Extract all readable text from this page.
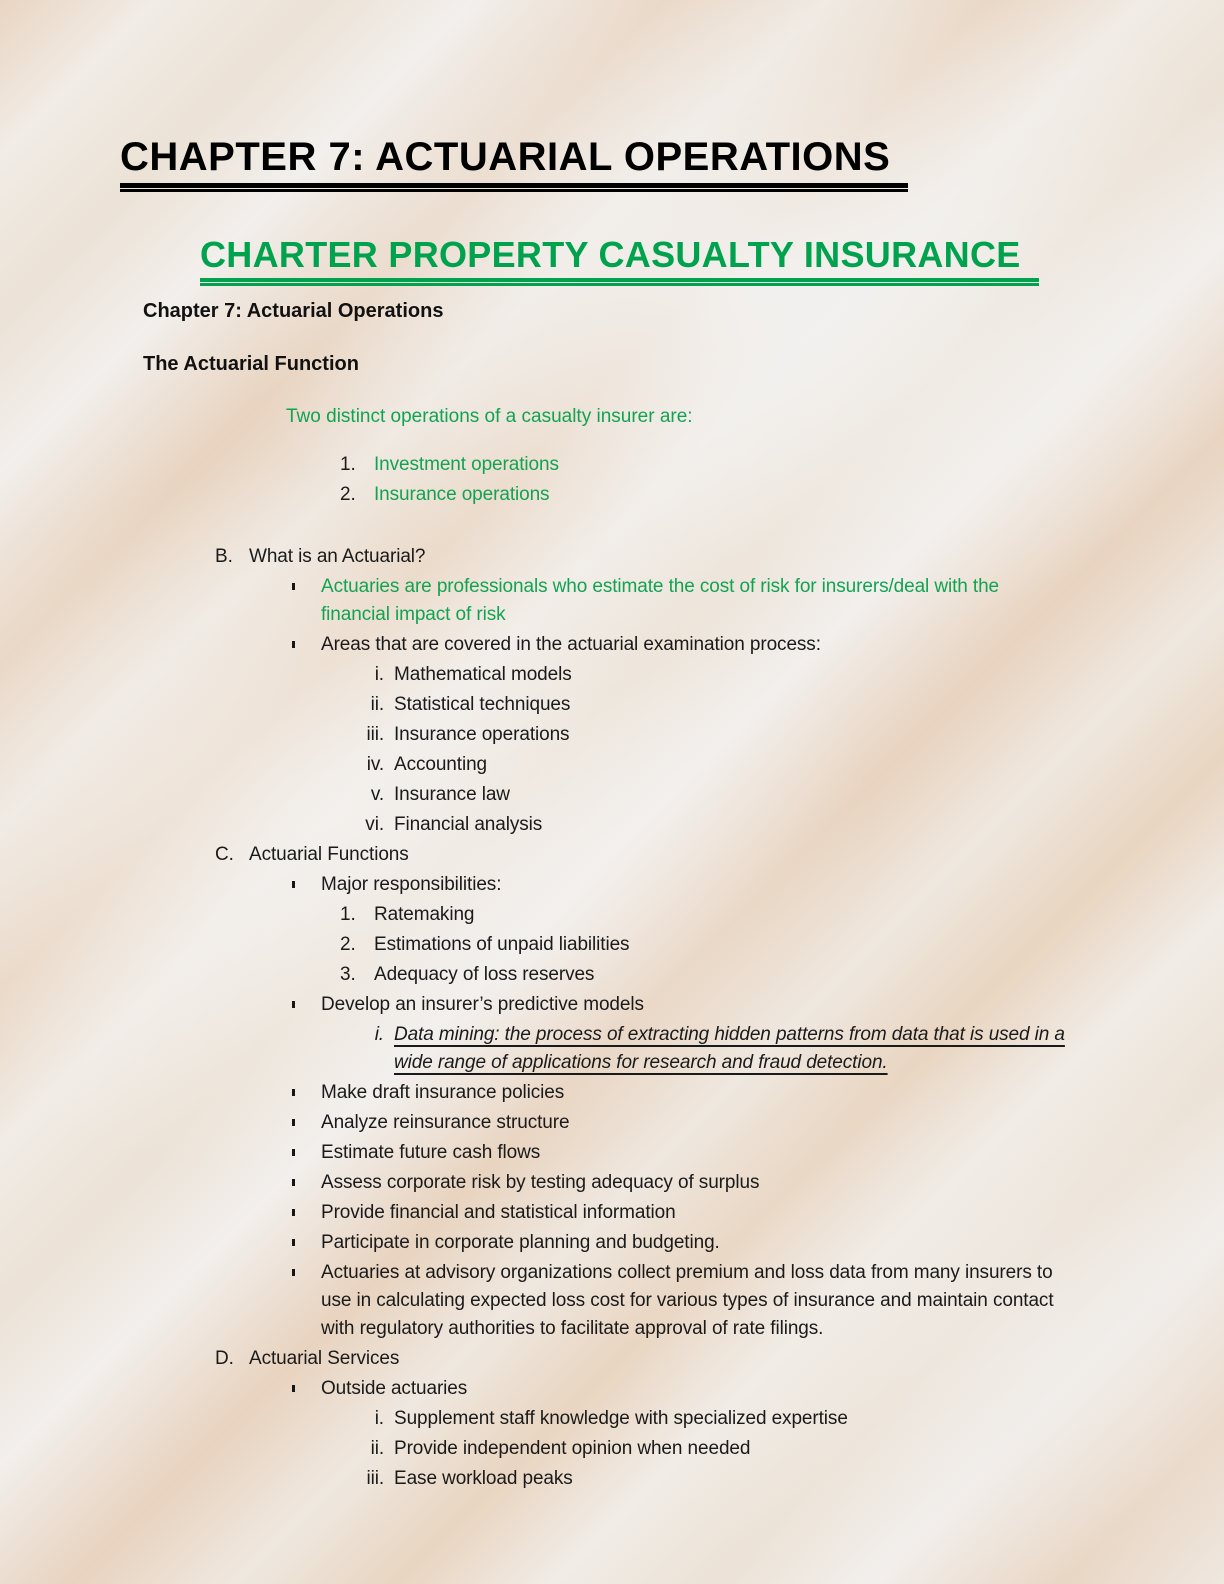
CHAPTER 7: ACTUARIAL OPERATIONS
CHARTER PROPERTY CASUALTY INSURANCE
Chapter 7: Actuarial Operations
The Actuarial Function
Two distinct operations of a casualty insurer are:
1. Investment operations
2. Insurance operations
B. What is an Actuarial?
Actuaries are professionals who estimate the cost of risk for insurers/deal with the financial impact of risk
Areas that are covered in the actuarial examination process:
i. Mathematical models
ii. Statistical techniques
iii. Insurance operations
iv. Accounting
v. Insurance law
vi. Financial analysis
C. Actuarial Functions
Major responsibilities:
1. Ratemaking
2. Estimations of unpaid liabilities
3. Adequacy of loss reserves
Develop an insurer’s predictive models
i. Data mining: the process of extracting hidden patterns from data that is used in a wide range of applications for research and fraud detection.
Make draft insurance policies
Analyze reinsurance structure
Estimate future cash flows
Assess corporate risk by testing adequacy of surplus
Provide financial and statistical information
Participate in corporate planning and budgeting.
Actuaries at advisory organizations collect premium and loss data from many insurers to use in calculating expected loss cost for various types of insurance and maintain contact with regulatory authorities to facilitate approval of rate filings.
D. Actuarial Services
Outside actuaries
i. Supplement staff knowledge with specialized expertise
ii. Provide independent opinion when needed
iii. Ease workload peaks
